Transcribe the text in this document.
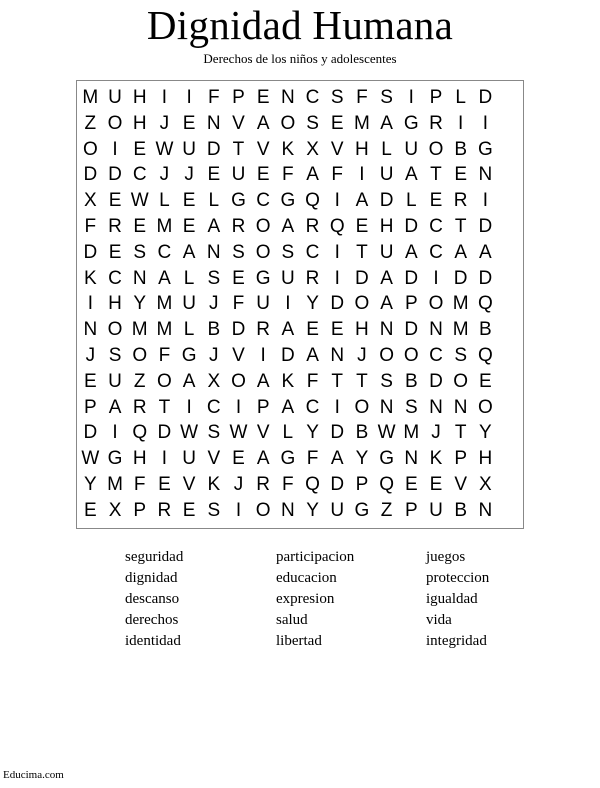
Dignidad Humana
Derechos de los niños y adolescentes
M U H I	I F P E N C S F S I P L D
Z O H J E N V A O S E M A G R I	I
O I E W U D T V K X V H L U O B G
D D C J J E U E F A F I U A T E N
X E W L E L G C G Q I A D L E R I
F R E M E A R O A R Q E H D C T D
D E S C A N S O S C I T U A C A A
K C N A L S E G U R I D A D I D D
I H Y M U J F U I Y D O A P O M Q
N O M M L B D R A E E H N D N M B
J S O F G J V I D A N J O O C S Q
E U Z O A X O A K F T T S B D O E
P A R T I C I P A C I O N S N N O
D I Q D W S W V L Y D B W M J T Y
W G H I U V E A G F A Y G N K P H
Y M F E V K J R F Q D P Q E E V X
E X P R E S I O N Y U G Z P U B N
seguridad
dignidad
descanso
derechos
identidad
participacion
educacion
expresion
salud
libertad
juegos
proteccion
igualdad
vida
integridad
Educima.com
